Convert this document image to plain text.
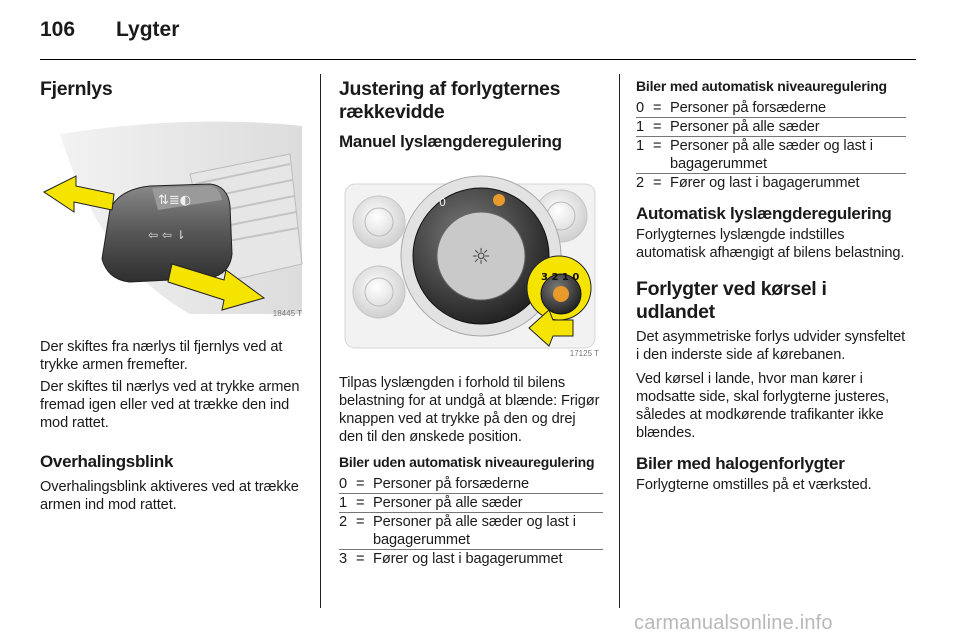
106 Lygter
Fjernlys
⇅≣◐
⇦ ⇦ ⇂
18445 T

Der skiftes fra nærlys til fjernlys ved at trykke armen fremefter.

Der skiftes til nærlys ved at trykke armen fremad igen eller ved at trække den ind mod rattet.

Overhalingsblink

Overhalingsblink aktiveres ved at trække armen ind mod rattet.

Justering af forlygternes rækkevidde
Manuel lyslængderegulering
☼
0
3 2 1 0
17125 T

Tilpas lyslængden i forhold til bilens belastning for at undgå at blænde: Frigør knappen ved at trykke på den og drej den til den ønskede position.

Biler uden automatisk niveauregulering
0 = Personer på forsæderne
1 = Personer på alle sæder
2 = Personer på alle sæder og last i bagagerummet
3 = Fører og last i bagagerummet
Biler med automatisk niveauregulering
0 = Personer på forsæderne
1 = Personer på alle sæder
1 = Personer på alle sæder og last i bagagerummet
2 = Fører og last i bagagerummet
Automatisk lyslængderegulering

Forlygternes lyslængde indstilles automatisk afhængigt af bilens belastning.

Forlygter ved kørsel i udlandet

Det asymmetriske forlys udvider synsfeltet i den inderste side af kørebanen.

Ved kørsel i lande, hvor man kører i modsatte side, skal forlygterne justeres, således at modkørende trafikanter ikke blændes.

Biler med halogenforlygter

Forlygterne omstilles på et værksted.

carmanualsonline.info
